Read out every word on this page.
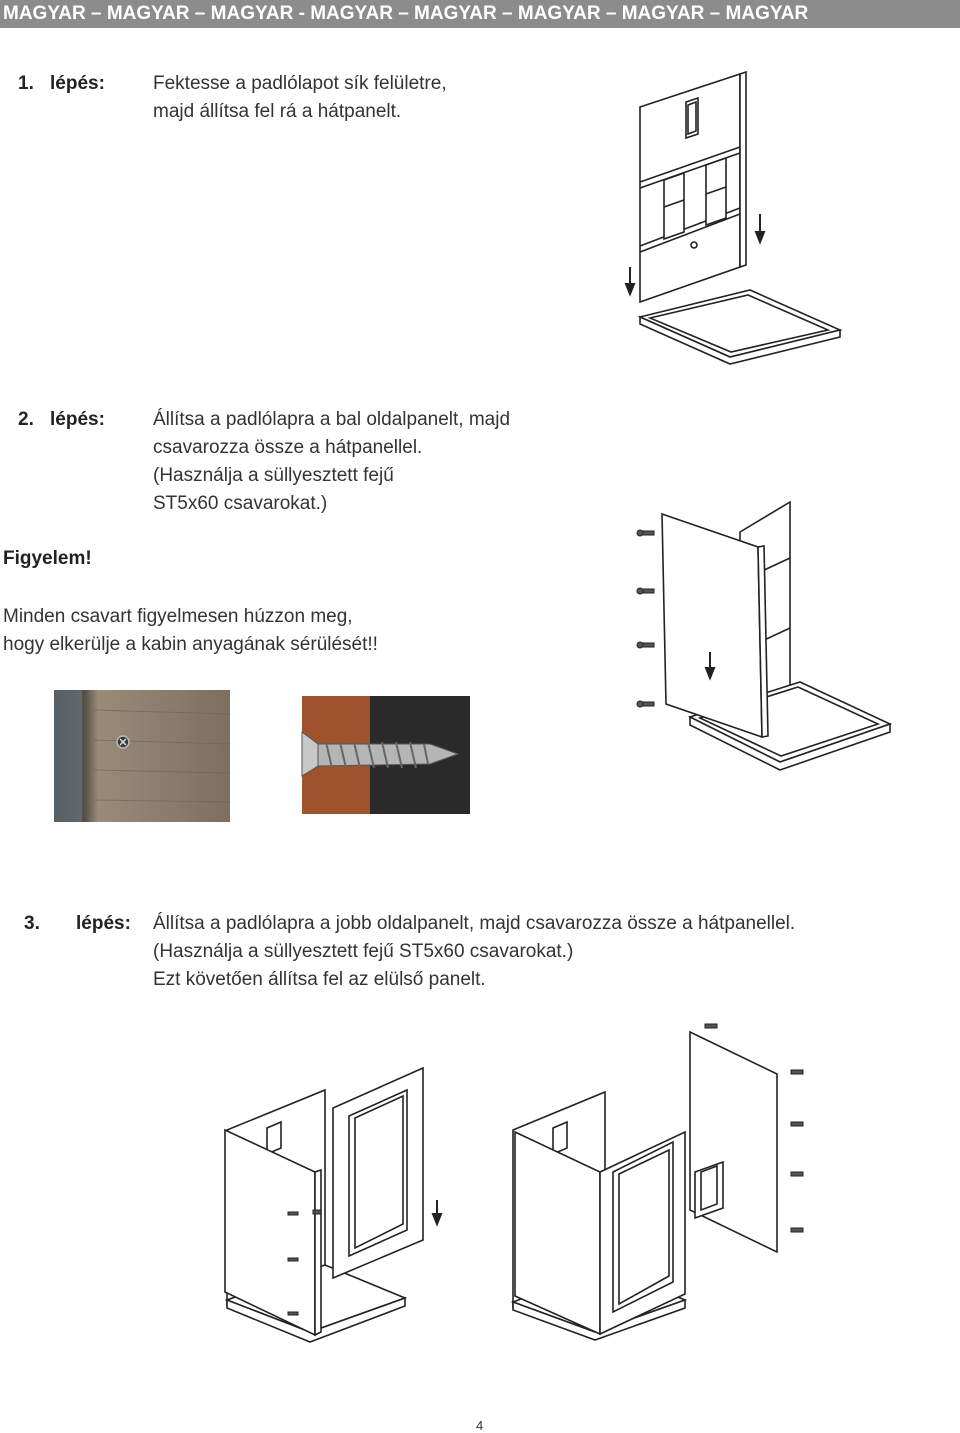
MAGYAR – MAGYAR – MAGYAR - MAGYAR – MAGYAR – MAGYAR – MAGYAR – MAGYAR
1. lépés:	Fektesse a padlólapot sík felületre,
majd állítsa fel rá a hátpanelt.
2. lépés:	Állítsa a padlólapra a bal oldalpanelt, majd
csavarozza össze a hátpanellel.
(Használja a süllyesztett fejű
ST5x60 csavarokat.)
Figyelem!
Minden csavart figyelmesen húzzon meg,
hogy elkerülje a kabin anyagának sérülését!!
3. lépés: Állítsa a padlólapra a jobb oldalpanelt, majd csavarozza össze a hátpanellel.
(Használja a süllyesztett fejű ST5x60 csavarokat.)
Ezt követően állítsa fel az elülső panelt.
4
